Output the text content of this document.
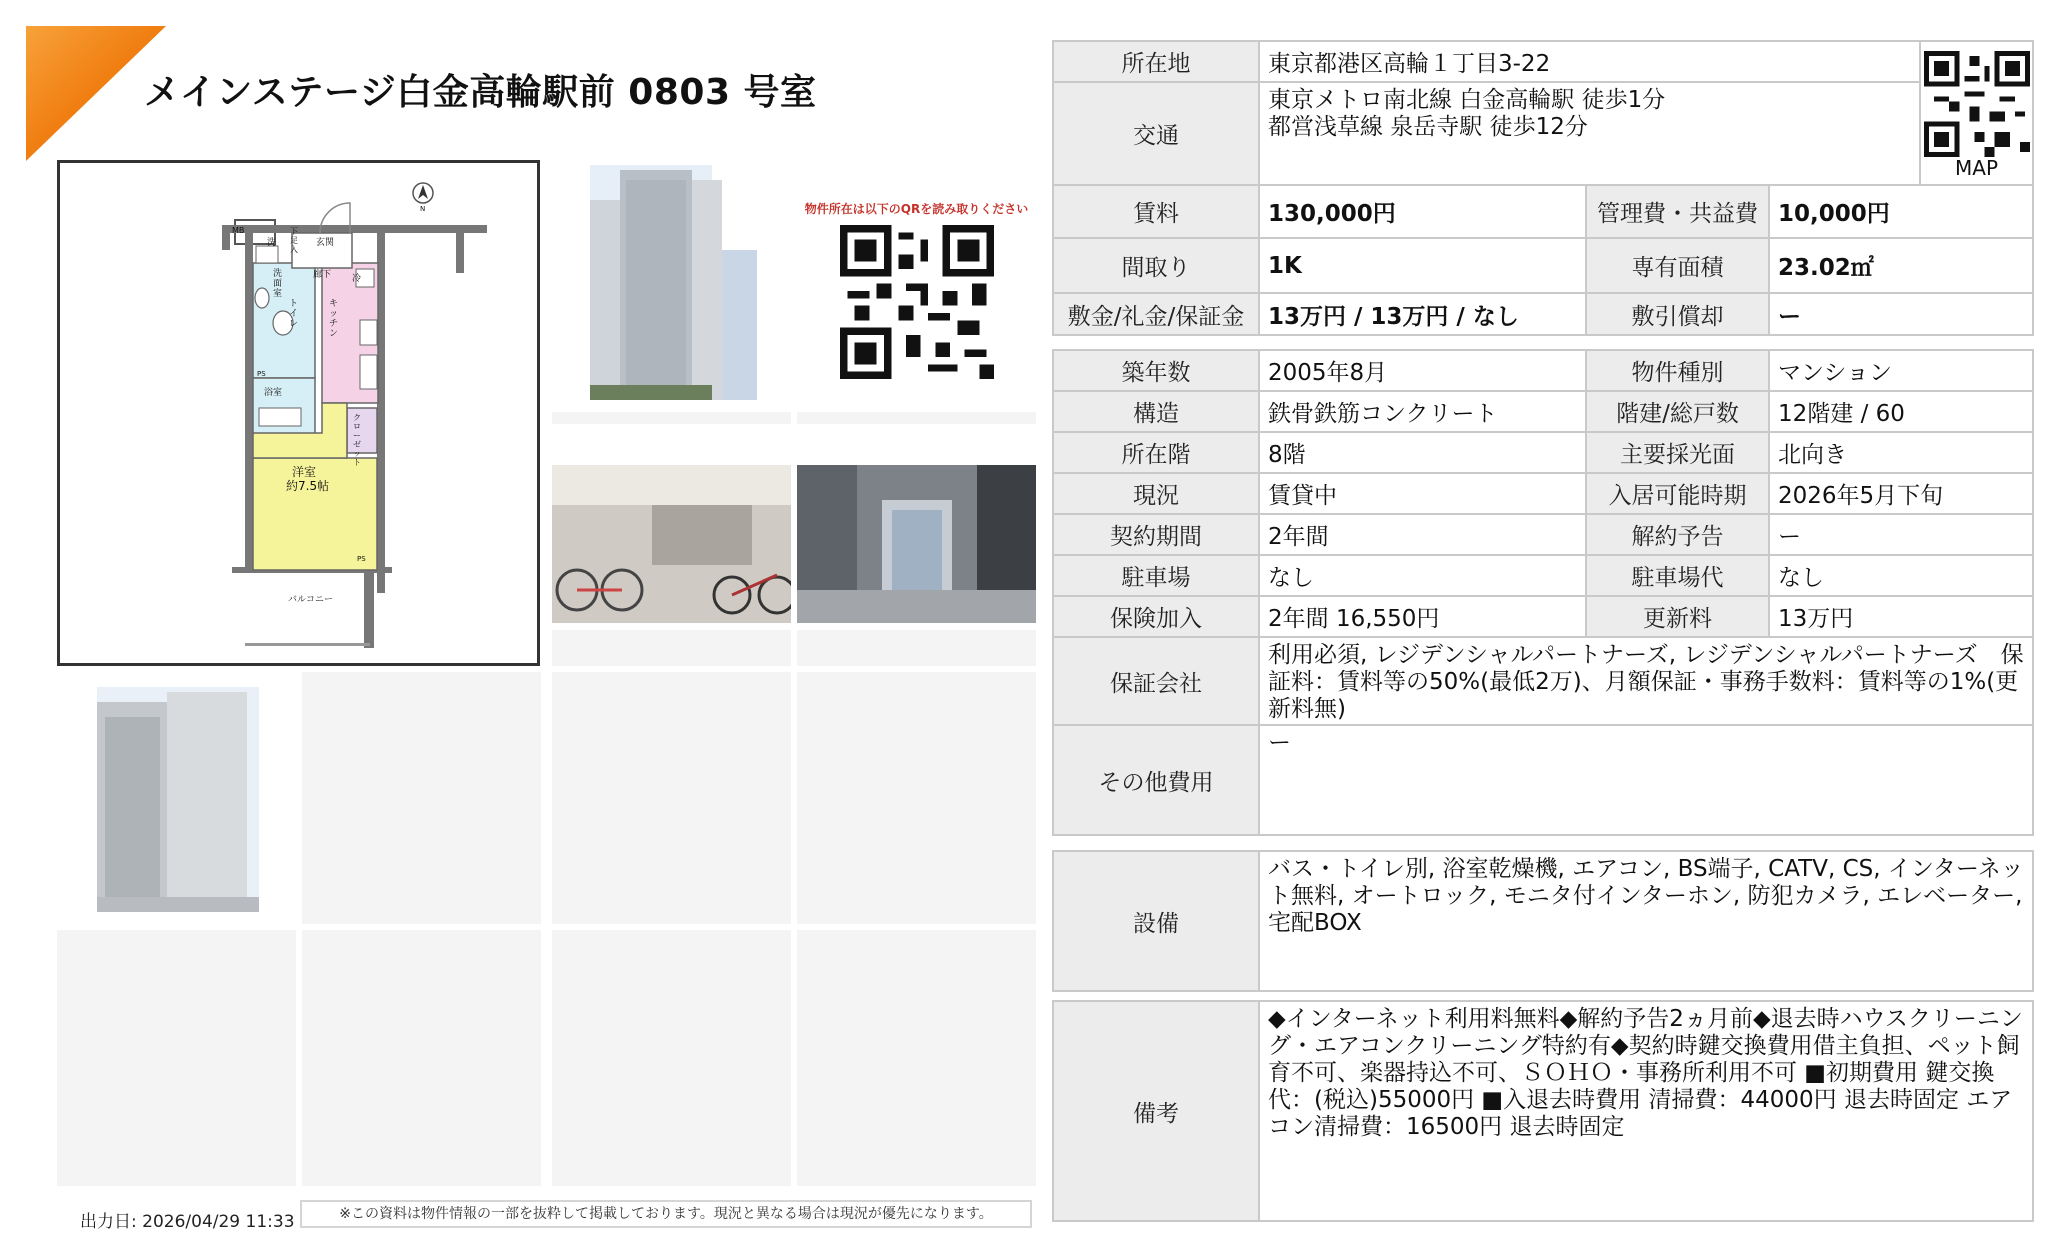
メインステージ白金高輪駅前 0803 号室
MB
洗
下足入
玄関
洗面室
トイレ
廊下 冷
キッチン
PS
浴室
クローゼット
洋室
約7.5帖
PS
バルコニー
N	物件所在は以下のQRを読み取りください
所在地	東京都港区高輪１丁目3-22			MAP

交通	東京メトロ南北線 白金高輪駅 徒歩1分
都営浅草線 泉岳寺駅 徒歩12分			

賃料	130,000円	管理費・共益費	10,000円	
間取り	1K	専有面積	23.02㎡	
敷金/礼金/保証金	13万円 / 13万円 / なし	敷引償却	ー	
築年数	2005年8月	物件種別	マンション
構造	鉄骨鉄筋コンクリート	階建/総戸数	12階建 / 60
所在階	8階	主要採光面	北向き
現況	賃貸中	入居可能時期	2026年5月下旬
契約期間	2年間	解約予告	ー
駐車場	なし	駐車場代	なし
保険加入	2年間 16,550円	更新料	13万円
保証会社	利用必須, レジデンシャルパートナーズ, レジデンシャルパートナーズ　保証料：賃料等の50%(最低2万)、月額保証・事務手数料：賃料等の1%(更新料無)		
その他費用	ー		
設備	バス・トイレ別, 浴室乾燥機, エアコン, BS端子, CATV, CS, インターネット無料, オートロック, モニタ付インターホン, 防犯カメラ, エレベーター, 宅配BOX
備考	◆インターネット利用料無料◆解約予告2ヵ月前◆退去時ハウスクリーニング・エアコンクリーニング特約有◆契約時鍵交換費用借主負担、ペット飼育不可、楽器持込不可、ＳＯＨＯ・事務所利用不可 ■初期費用 鍵交換代：(税込)55000円 ■入退去時費用 清掃費：44000円 退去時固定 エアコン清掃費：16500円 退去時固定
出力日: 2026/04/29 11:33	※この資料は物件情報の一部を抜粋して掲載しております。現況と異なる場合は現況が優先になります。
